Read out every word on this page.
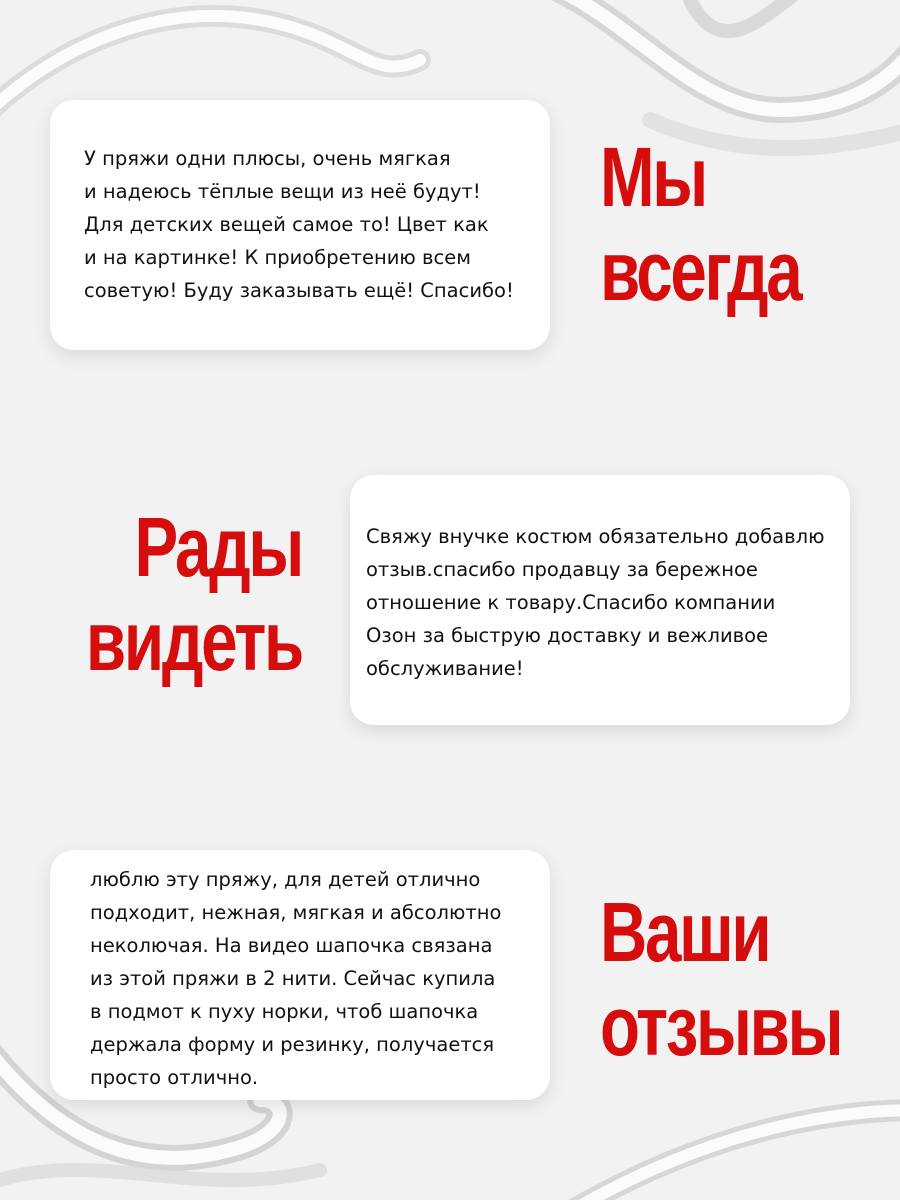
У пряжи одни плюсы, очень мягкая
и надеюсь тёплые вещи из неё будут!
Для детских вещей самое то! Цвет как
и на картинке! К приобретению всем
советую! Буду заказывать ещё! Спасибо!

Мы
всегда
Рады
видеть

Свяжу внучке костюм обязательно добавлю
отзыв.спасибо продавцу за бережное
отношение к товару.Спасибо компании
Озон за быструю доставку и вежливое
обслуживание!

люблю эту пряжу, для детей отлично
подходит, нежная, мягкая и абсолютно
неколючая. На видео шапочка связана
из этой пряжи в 2 нити. Сейчас купила
в подмот к пуху норки, чтоб шапочка
держала форму и резинку, получается
просто отлично.

Ваши
отзывы
